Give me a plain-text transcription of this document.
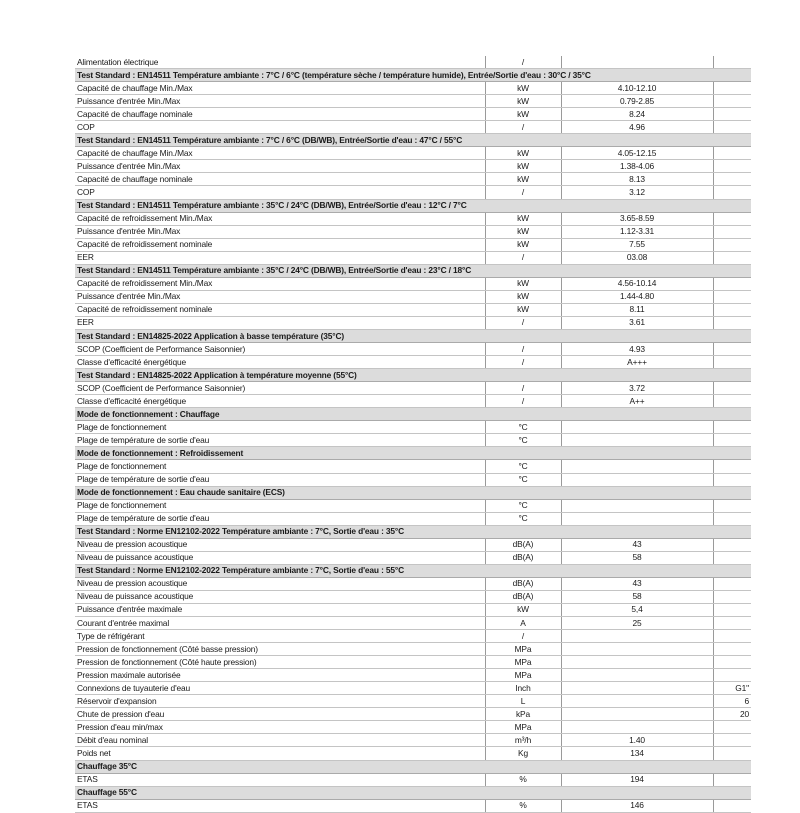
Alimentation électrique	/		
Test Standard : EN14511 Température ambiante : 7°C / 6°C (température sèche / température humide), Entrée/Sortie d'eau : 30°C / 35°C			
Capacité de chauffage Min./Max	kW	4.10-12.10	
Puissance d'entrée Min./Max	kW	0.79-2.85	
Capacité de chauffage nominale	kW	8.24	
COP	/	4.96	
Test Standard : EN14511 Température ambiante : 7°C / 6°C (DB/WB), Entrée/Sortie d'eau : 47°C / 55°C			
Capacité de chauffage Min./Max	kW	4.05-12.15	
Puissance d'entrée Min./Max	kW	1.38-4.06	
Capacité de chauffage nominale	kW	8.13	
COP	/	3.12	
Test Standard : EN14511 Température ambiante : 35°C / 24°C (DB/WB), Entrée/Sortie d'eau : 12°C / 7°C			
Capacité de refroidissement Min./Max	kW	3.65-8.59	
Puissance d'entrée Min./Max	kW	1.12-3.31	
Capacité de refroidissement nominale	kW	7.55	
EER	/	03.08	
Test Standard : EN14511 Température ambiante : 35°C / 24°C (DB/WB), Entrée/Sortie d'eau : 23°C / 18°C			
Capacité de refroidissement Min./Max	kW	4.56-10.14	
Puissance d'entrée Min./Max	kW	1.44-4.80	
Capacité de refroidissement nominale	kW	8.11	
EER	/	3.61	
Test Standard : EN14825-2022 Application à basse température (35°C)			
SCOP (Coefficient de Performance Saisonnier)	/	4.93	
Classe d'efficacité énergétique	/	A+++	
Test Standard : EN14825-2022 Application à température moyenne (55°C)			
SCOP (Coefficient de Performance Saisonnier)	/	3.72	
Classe d'efficacité énergétique	/	A++	
Mode de fonctionnement : Chauffage			
Plage de fonctionnement	°C		
Plage de température de sortie d'eau	°C		
Mode de fonctionnement : Refroidissement			
Plage de fonctionnement	°C		
Plage de température de sortie d'eau	°C		
Mode de fonctionnement : Eau chaude sanitaire (ECS)			
Plage de fonctionnement	°C		
Plage de température de sortie d'eau	°C		
Test Standard : Norme EN12102-2022 Température ambiante : 7°C, Sortie d'eau : 35°C			
Niveau de pression acoustique	dB(A)	43	
Niveau de puissance acoustique	dB(A)	58	
Test Standard : Norme EN12102-2022 Température ambiante : 7°C, Sortie d'eau : 55°C			
Niveau de pression acoustique	dB(A)	43	
Niveau de puissance acoustique	dB(A)	58	
Puissance d'entrée maximale	kW	5,4	
Courant d'entrée maximal	A	25	
Type de réfrigérant	/		
Pression de fonctionnement (Côté basse pression)	MPa		
Pression de fonctionnement (Côté haute pression)	MPa		
Pression maximale autorisée	MPa		
Connexions de tuyauterie d'eau	Inch		G1"
Réservoir d'expansion	L		6
Chute de pression d'eau	kPa		20
Pression d'eau min/max	MPa		
Débit d'eau nominal	m³/h	1.40	
Poids net	Kg	134	
Chauffage 35°C			
ETAS	%	194	
Chauffage 55°C			
ETAS	%	146	
